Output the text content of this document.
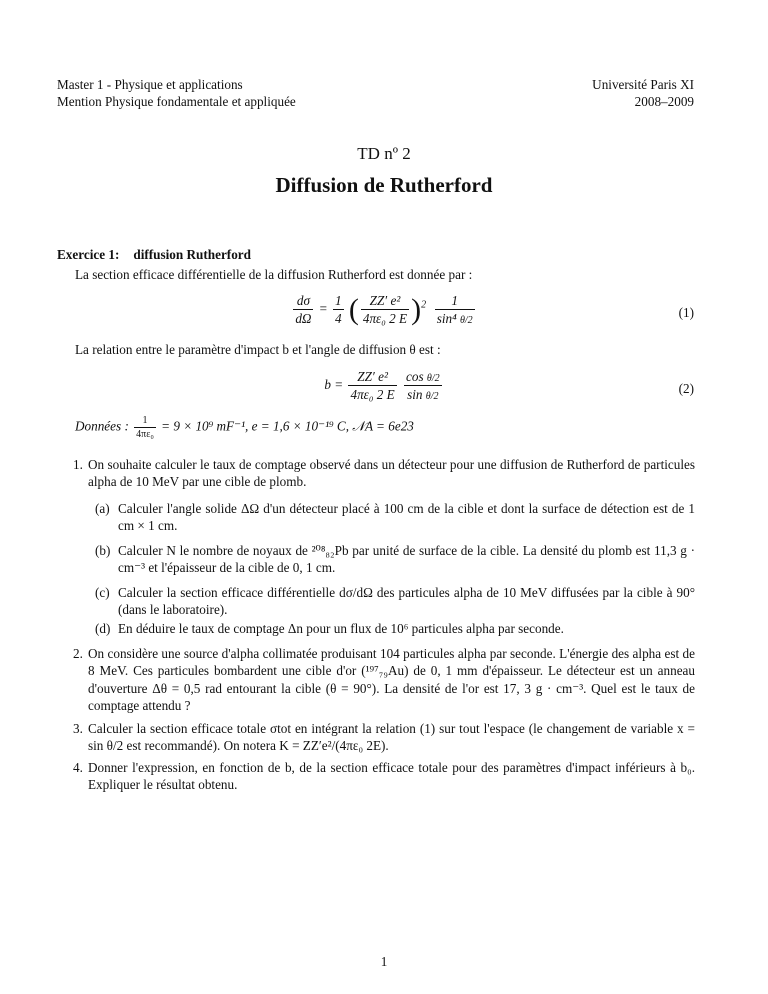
Master 1 - Physique et applications
Mention Physique fondamentale et appliquée
Université Paris XI
2008–2009
TD nº 2
Diffusion de Rutherford
Exercice 1: diffusion Rutherford
La section efficace différentielle de la diffusion Rutherford est donnée par :
$\frac{d\sigma}{d\Omega} = \frac{1}{4}$ ( $\frac{\text{ZZ′ e²}}{\text{4πε₀ 2 E}} )^2 \frac{1}{\text{sin⁴ θ/2}}$	(1)
La relation entre le paramètre d'impact b et l'angle de diffusion θ est :
$b = \frac{\text{ZZ′ e²}}{\text{4πε₀ 2 E}}$
$\frac{\text{cos θ/2}}{\text{sin θ/2}}$	(2)
Données : $\frac{1}{\text{4πε₀}} = 9 \times 10^9$ mF⁻¹, e = 1,6 × 10⁻¹⁹ C, 𝒩A = 6e23
1. On souhaite calculer le taux de comptage observé dans un détecteur pour une diffusion de Rutherford de particules alpha de 10 MeV par une cible de plomb.
(a) Calculer l'angle solide ΔΩ d'un détecteur placé à 100 cm de la cible et dont la surface de détection est de 1 cm × 1 cm.
(b) Calculer N le nombre de noyaux de ²⁰⁸₈₂Pb par unité de surface de la cible. La densité du plomb est 11,3 g · cm⁻³ et l'épaisseur de la cible de 0, 1 cm.
(c) Calculer la section efficace différentielle dσ/dΩ des particules alpha de 10 MeV diffusées par la cible à 90° (dans le laboratoire).
(d) En déduire le taux de comptage Δn pour un flux de 10⁶ particules alpha par seconde.
2. On considère une source d'alpha collimatée produisant 104 particules alpha par seconde. L'énergie des alpha est de 8 MeV. Ces particules bombardent une cible d'or (¹⁹⁷₇₉Au) de 0, 1 mm d'épaisseur. Le détecteur est un anneau d'ouverture Δθ = 0,5 rad entourant la cible (θ = 90°). La densité de l'or est 17, 3 g · cm⁻³. Quel est le taux de comptage attendu ?
3. Calculer la section efficace totale σtot en intégrant la relation (1) sur tout l'espace (le changement de variable x = sin θ/2 est recommandé). On notera K = ZZ′e²/(4πε₀ 2E).
4. Donner l'expression, en fonction de b, de la section efficace totale pour des paramètres d'impact inférieurs à b₀. Expliquer le résultat obtenu.
1
